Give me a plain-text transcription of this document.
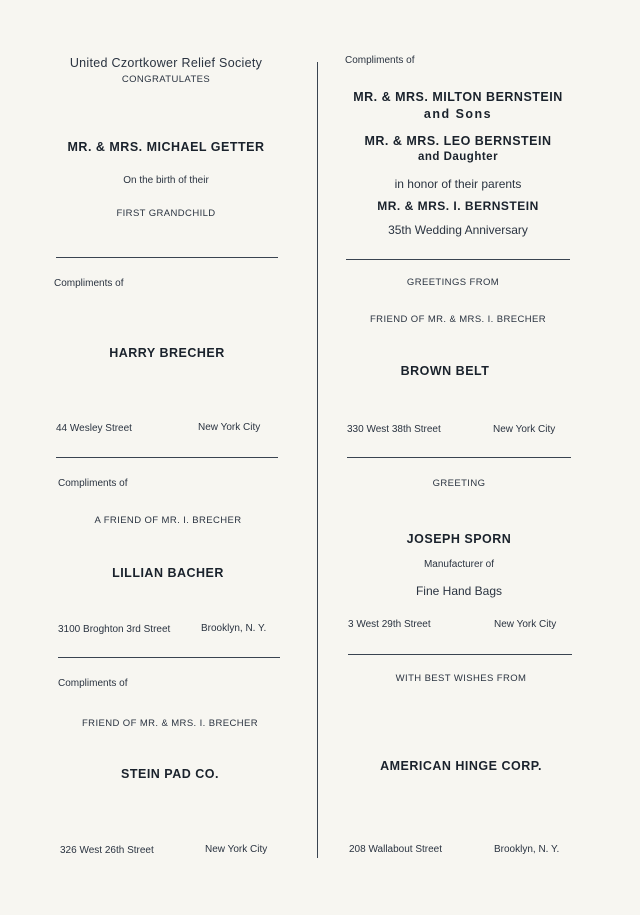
United Czortkower Relief Society
CONGRATULATES
MR. & MRS. MICHAEL GETTER
On the birth of their
FIRST GRANDCHILD
Compliments of
HARRY BRECHER
44 Wesley Street	New York City
Compliments of
A FRIEND OF MR. I. BRECHER
LILLIAN BACHER
3100 Broghton 3rd Street	Brooklyn, N. Y.
Compliments of
FRIEND OF MR. & MRS. I. BRECHER
STEIN PAD CO.
326 West 26th Street	New York City
Compliments of
MR. & MRS. MILTON BERNSTEIN
and Sons
MR. & MRS. LEO BERNSTEIN
and Daughter
in honor of their parents
MR. & MRS. I. BERNSTEIN
35th Wedding Anniversary
GREETINGS FROM
FRIEND OF MR. & MRS. I. BRECHER
BROWN BELT
330 West 38th Street	New York City
GREETING
JOSEPH SPORN
Manufacturer of
Fine Hand Bags
3 West 29th Street	New York City
WITH BEST WISHES FROM
AMERICAN HINGE CORP.
208 Wallabout Street	Brooklyn, N. Y.
